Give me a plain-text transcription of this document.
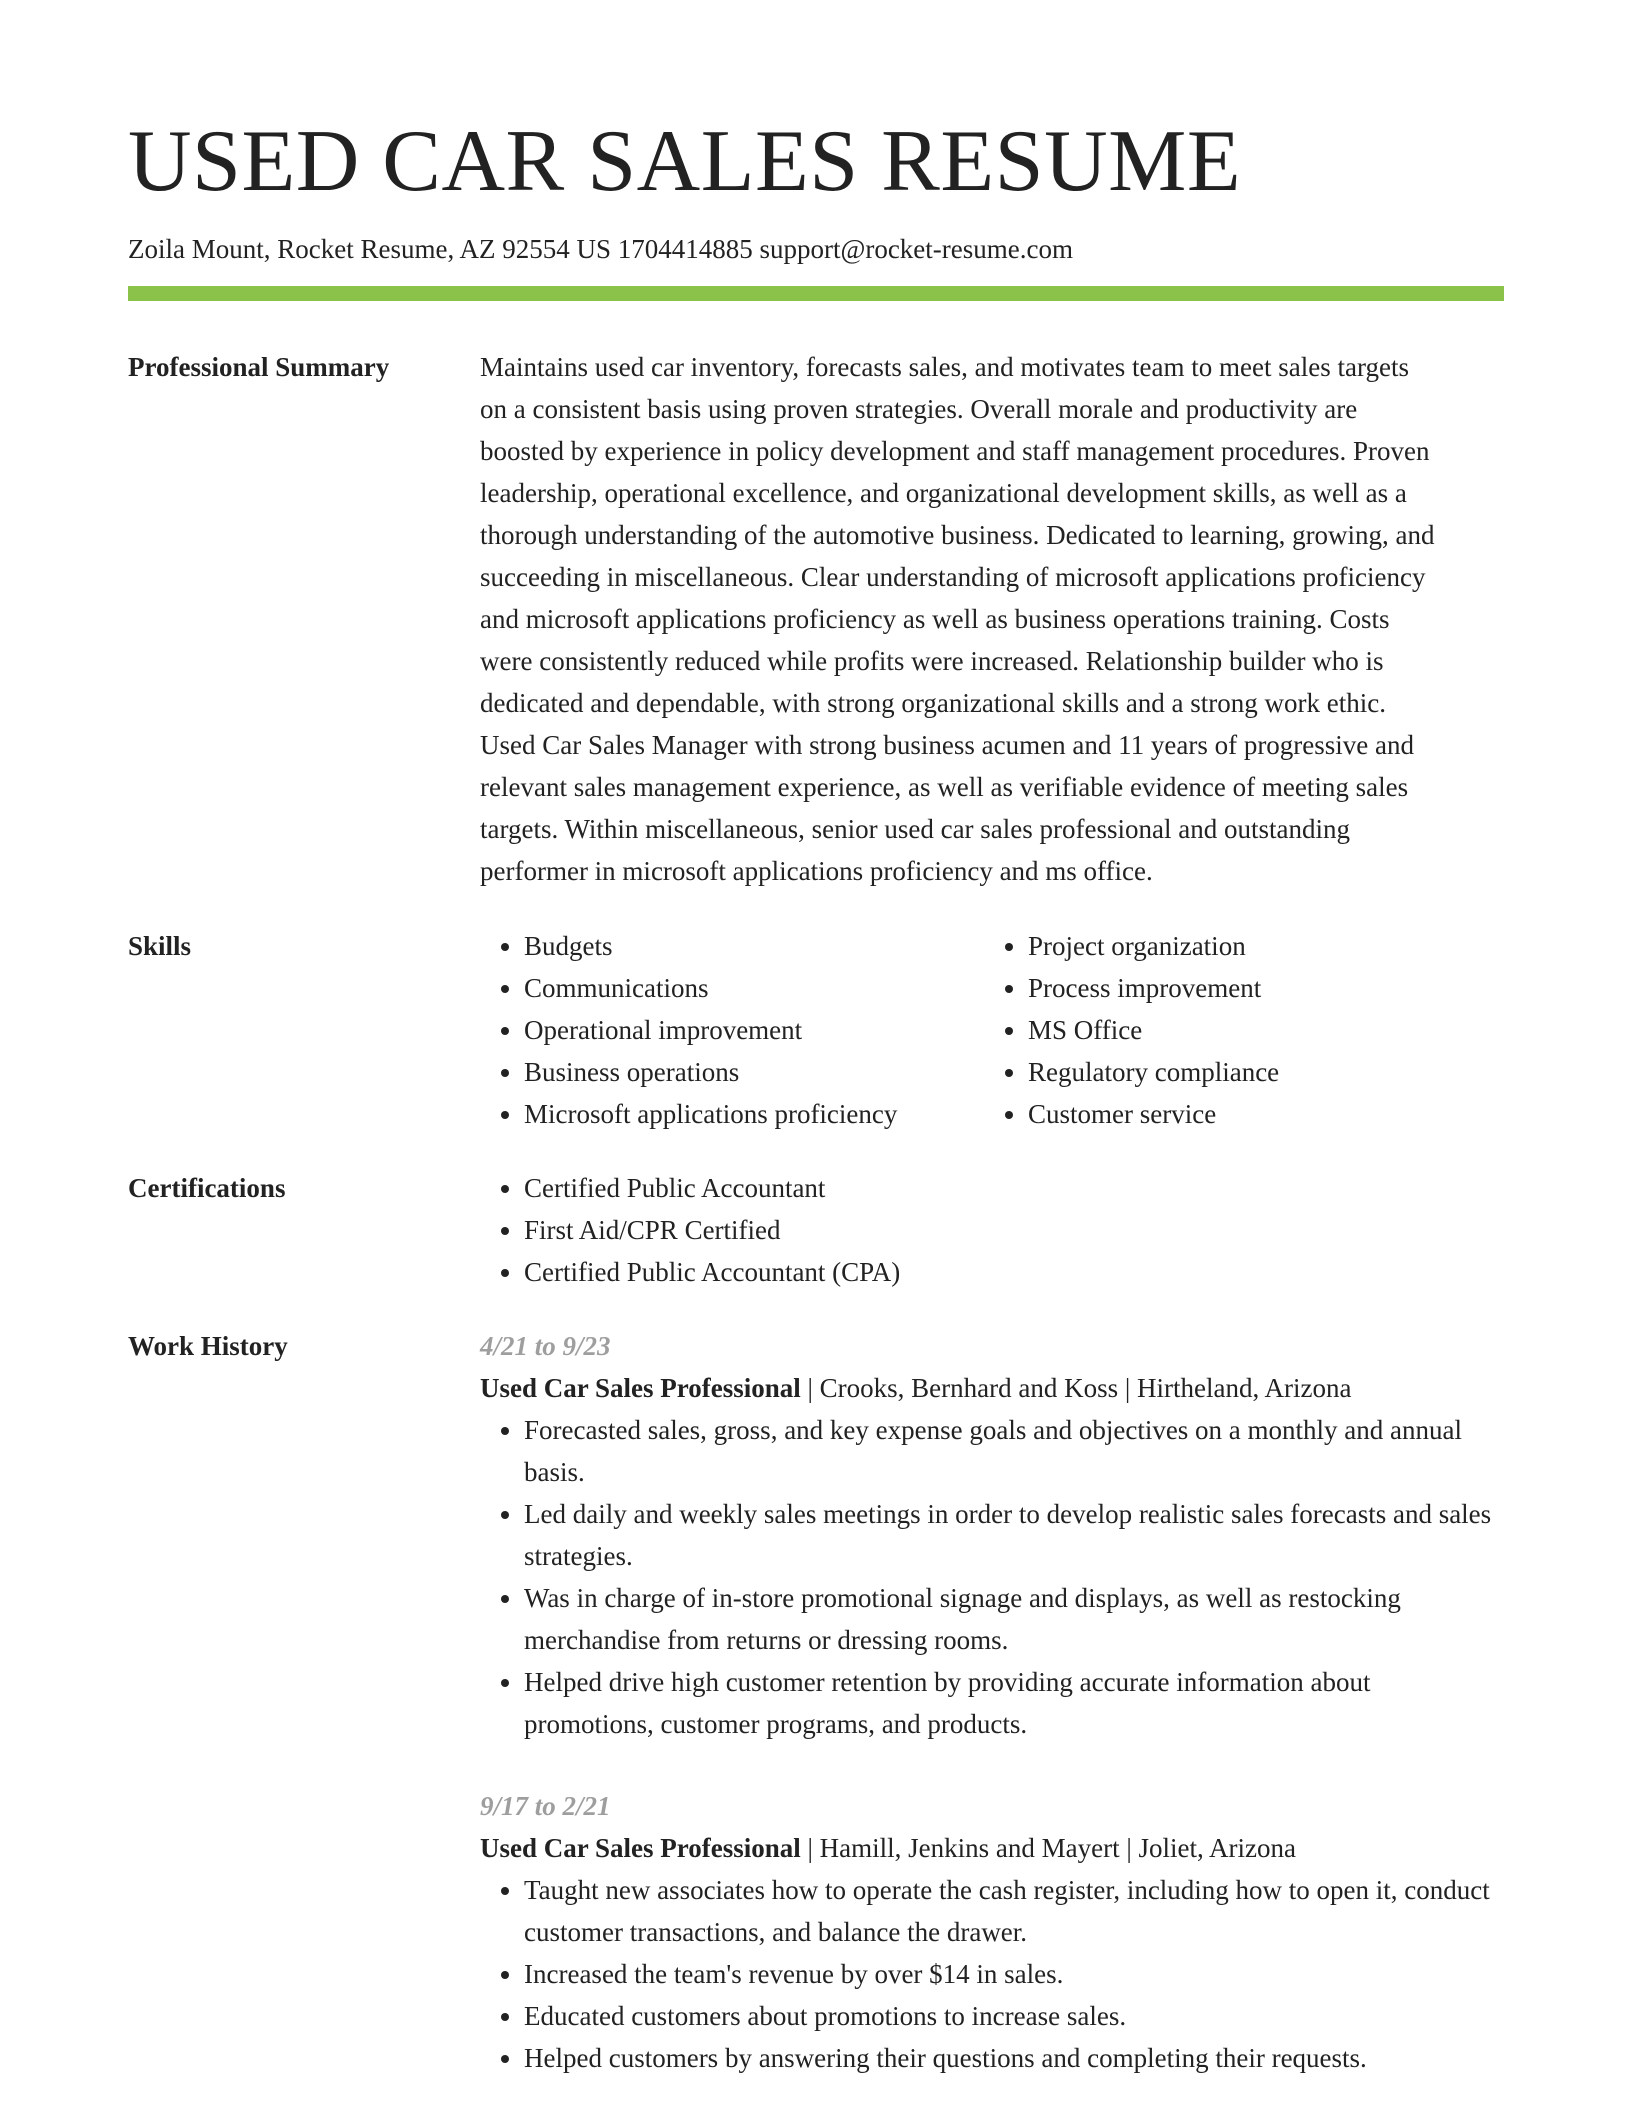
USED CAR SALES RESUME
Zoila Mount, Rocket Resume, AZ 92554 US 1704414885 support@rocket-resume.com
Professional Summary	Maintains used car inventory, forecasts sales, and motivates team to meet sales targets
on a consistent basis using proven strategies. Overall morale and productivity are
boosted by experience in policy development and staff management procedures. Proven
leadership, operational excellence, and organizational development skills, as well as a
thorough understanding of the automotive business. Dedicated to learning, growing, and
succeeding in miscellaneous. Clear understanding of microsoft applications proficiency
and microsoft applications proficiency as well as business operations training. Costs
were consistently reduced while profits were increased. Relationship builder who is
dedicated and dependable, with strong organizational skills and a strong work ethic.
Used Car Sales Manager with strong business acumen and 11 years of progressive and
relevant sales management experience, as well as verifiable evidence of meeting sales
targets. Within miscellaneous, senior used car sales professional and outstanding
performer in microsoft applications proficiency and ms office.
Skills	• Budgets
• Communications
• Operational improvement
• Business operations
• Microsoft applications proficiency
• Project organization
• Process improvement
• MS Office
• Regulatory compliance
• Customer service
Certifications	• Certified Public Accountant
• First Aid/CPR Certified
• Certified Public Accountant (CPA)
Work History	4/21 to 9/23
Used Car Sales Professional | Crooks, Bernhard and Koss | Hirtheland, Arizona
• Forecasted sales, gross, and key expense goals and objectives on a monthly and annual basis.
• Led daily and weekly sales meetings in order to develop realistic sales forecasts and sales strategies.
• Was in charge of in-store promotional signage and displays, as well as restocking merchandise from returns or dressing rooms.
• Helped drive high customer retention by providing accurate information about promotions, customer programs, and products.
9/17 to 2/21
Used Car Sales Professional | Hamill, Jenkins and Mayert | Joliet, Arizona
• Taught new associates how to operate the cash register, including how to open it, conduct customer transactions, and balance the drawer.
• Increased the team's revenue by over $14 in sales.
• Educated customers about promotions to increase sales.
• Helped customers by answering their questions and completing their requests.
